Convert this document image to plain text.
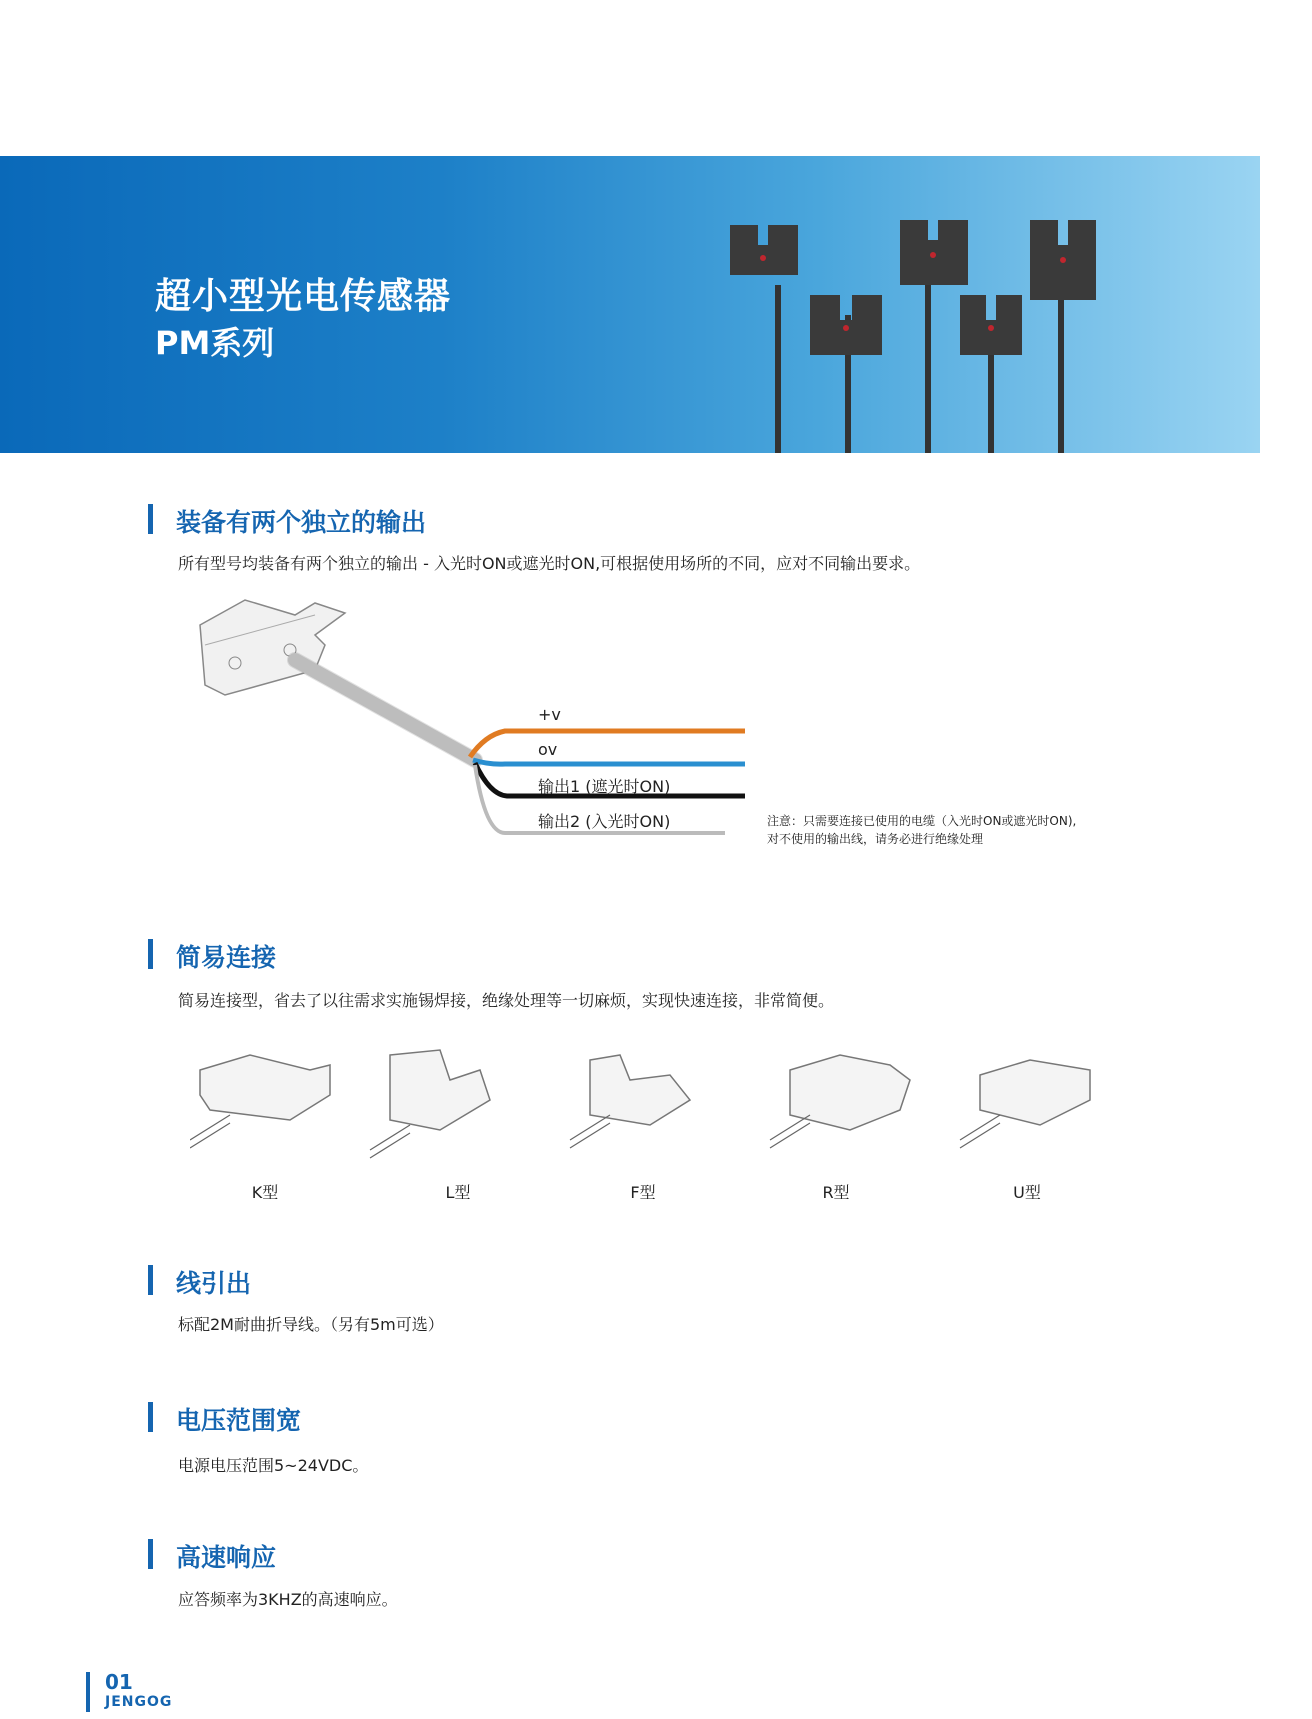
超小型光电传感器
PM系列
装备有两个独立的输出
所有型号均装备有两个独立的输出 - 入光时ON或遮光时ON,可根据使用场所的不同，应对不同输出要求。
+v
ov
输出1 (遮光时ON)
输出2 (入光时ON)	注意：只需要连接已使用的电缆（入光时ON或遮光时ON),
对不使用的输出线，请务必进行绝缘处理
简易连接
简易连接型，省去了以往需求实施锡焊接，绝缘处理等一切麻烦，实现快速连接，非常简便。
K型	L型	F型	R型	U型
线引出
标配2M耐曲折导线。（另有5m可选）
电压范围宽
电源电压范围5~24VDC。
高速响应
应答频率为3KHZ的高速响应。
01
JENGOG
